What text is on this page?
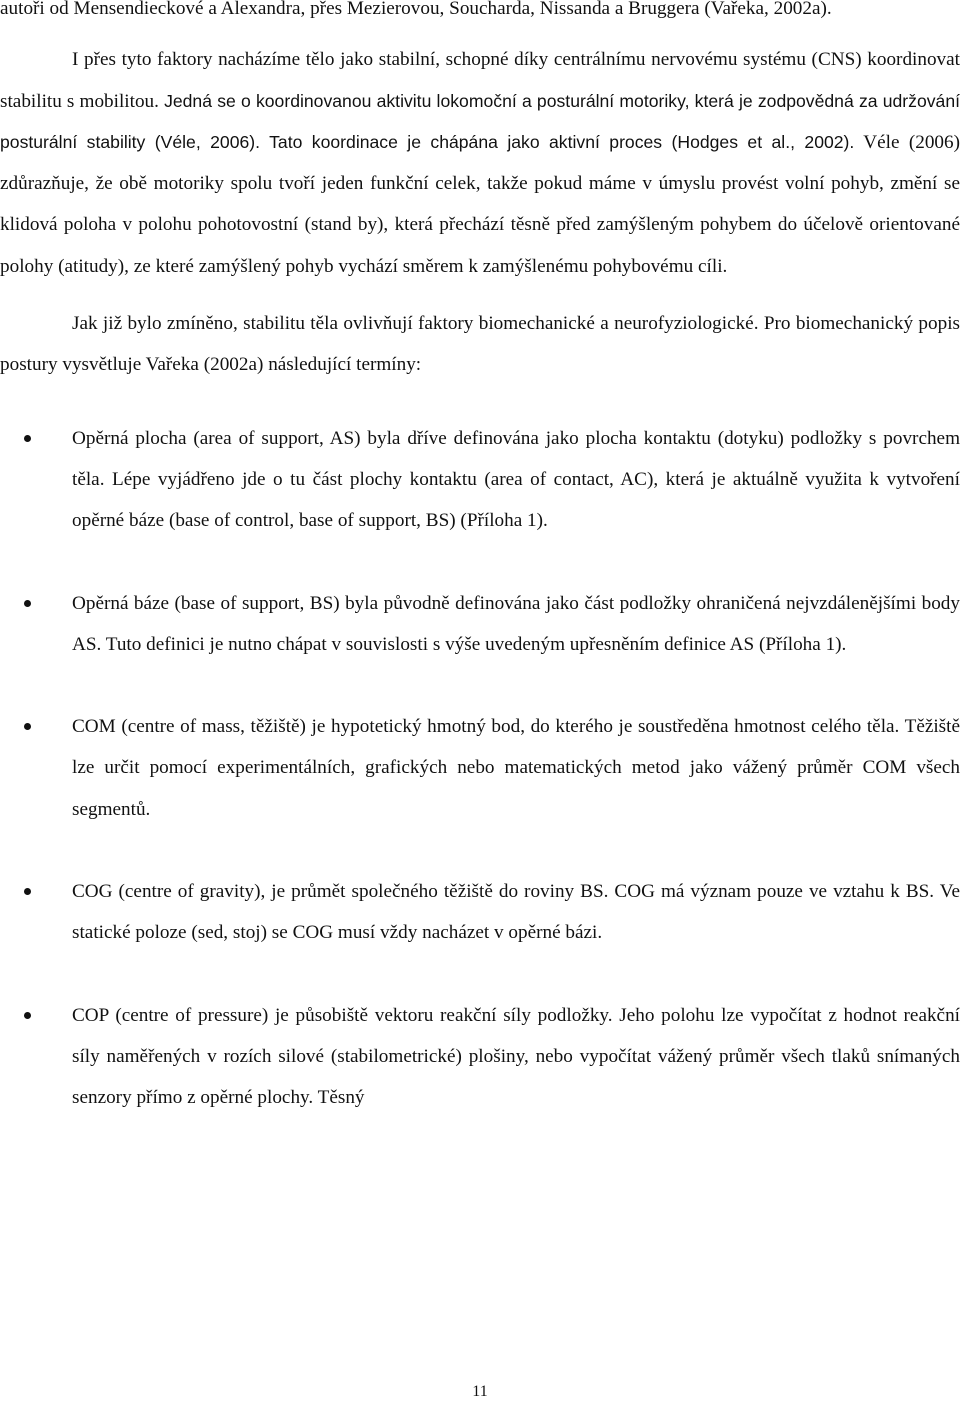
autoři od Mensendieckové a Alexandra, přes Mezierovou, Soucharda, Nissanda a Bruggera (Vařeka, 2002a).

I přes tyto faktory nacházíme tělo jako stabilní, schopné díky centrálnímu nervovému systému (CNS) koordinovat stabilitu s mobilitou. Jedná se o koordinovanou aktivitu lokomoční a posturální motoriky, která je zodpovědná za udržování posturální stability (Véle, 2006). Tato koordinace je chápána jako aktivní proces (Hodges et al., 2002). Véle (2006) zdůrazňuje, že obě motoriky spolu tvoří jeden funkční celek, takže pokud máme v úmyslu provést volní pohyb, změní se klidová poloha v polohu pohotovostní (stand by), která přechází těsně před zamýšleným pohybem do účelově orientované polohy (atitudy), ze které zamýšlený pohyb vychází směrem k zamýšlenému pohybovému cíli.

Jak již bylo zmíněno, stabilitu těla ovlivňují faktory biomechanické a neurofyziologické. Pro biomechanický popis postury vysvětluje Vařeka (2002a) následující termíny:

Opěrná plocha (area of support, AS) byla dříve definována jako plocha kontaktu (dotyku) podložky s povrchem těla. Lépe vyjádřeno jde o tu část plochy kontaktu (area of contact, AC), která je aktuálně využita k vytvoření opěrné báze (base of control, base of support, BS) (Příloha 1).
Opěrná báze (base of support, BS) byla původně definována jako část podložky ohraničená nejvzdálenějšími body AS. Tuto definici je nutno chápat v souvislosti s výše uvedeným upřesněním definice AS (Příloha 1).
COM (centre of mass, těžiště) je hypotetický hmotný bod, do kterého je soustředěna hmotnost celého těla. Těžiště lze určit pomocí experimentálních, grafických nebo matematických metod jako vážený průměr COM všech segmentů.
COG (centre of gravity), je průmět společného těžiště do roviny BS. COG má význam pouze ve vztahu k BS. Ve statické poloze (sed, stoj) se COG musí vždy nacházet v opěrné bázi.
COP (centre of pressure) je působiště vektoru reakční síly podložky. Jeho polohu lze vypočítat z hodnot reakční síly naměřených v rozích silové (stabilometrické) plošiny, nebo vypočítat vážený průměr všech tlaků snímaných senzory přímo z opěrné plochy. Těsný
11
